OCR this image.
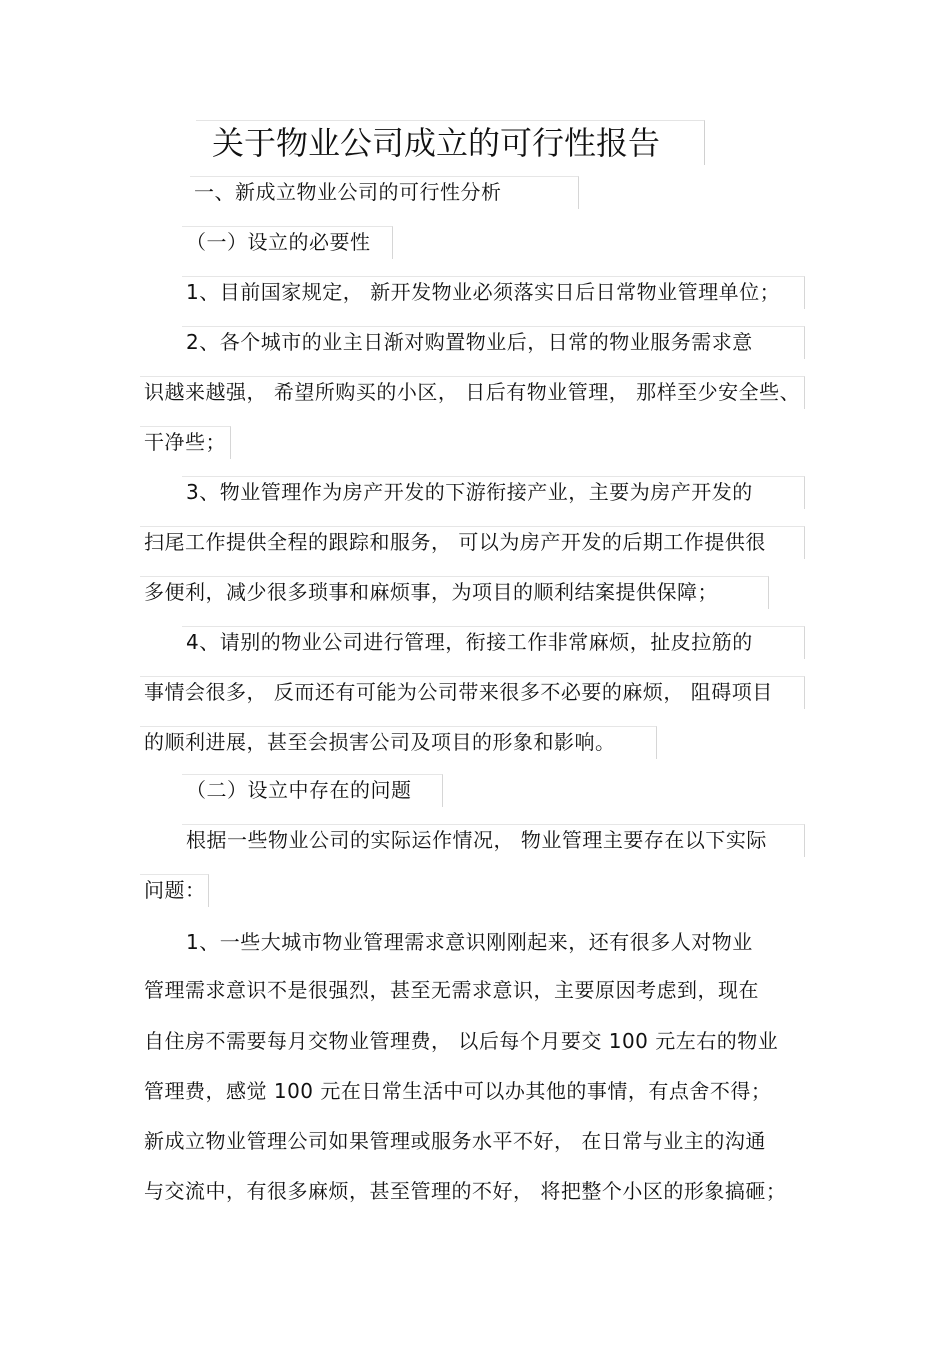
关于物业公司成立的可行性报告
一、新成立物业公司的可行性分析
（一）设立的必要性
1、目前国家规定， 新开发物业必须落实日后日常物业管理单位；
2、各个城市的业主日渐对购置物业后，日常的物业服务需求意
识越来越强， 希望所购买的小区， 日后有物业管理， 那样至少安全些、
干净些；
3、物业管理作为房产开发的下游衔接产业，主要为房产开发的
扫尾工作提供全程的跟踪和服务， 可以为房产开发的后期工作提供很
多便利，减少很多琐事和麻烦事，为项目的顺利结案提供保障；
4、请别的物业公司进行管理，衔接工作非常麻烦，扯皮拉筋的
事情会很多， 反而还有可能为公司带来很多不必要的麻烦， 阻碍项目
的顺利进展，甚至会损害公司及项目的形象和影响。
（二）设立中存在的问题
根据一些物业公司的实际运作情况， 物业管理主要存在以下实际
问题：
1、一些大城市物业管理需求意识刚刚起来，还有很多人对物业
管理需求意识不是很强烈，甚至无需求意识，主要原因考虑到，现在
自住房不需要每月交物业管理费， 以后每个月要交 100 元左右的物业
管理费，感觉 100 元在日常生活中可以办其他的事情，有点舍不得；
新成立物业管理公司如果管理或服务水平不好， 在日常与业主的沟通
与交流中，有很多麻烦，甚至管理的不好， 将把整个小区的形象搞砸；
